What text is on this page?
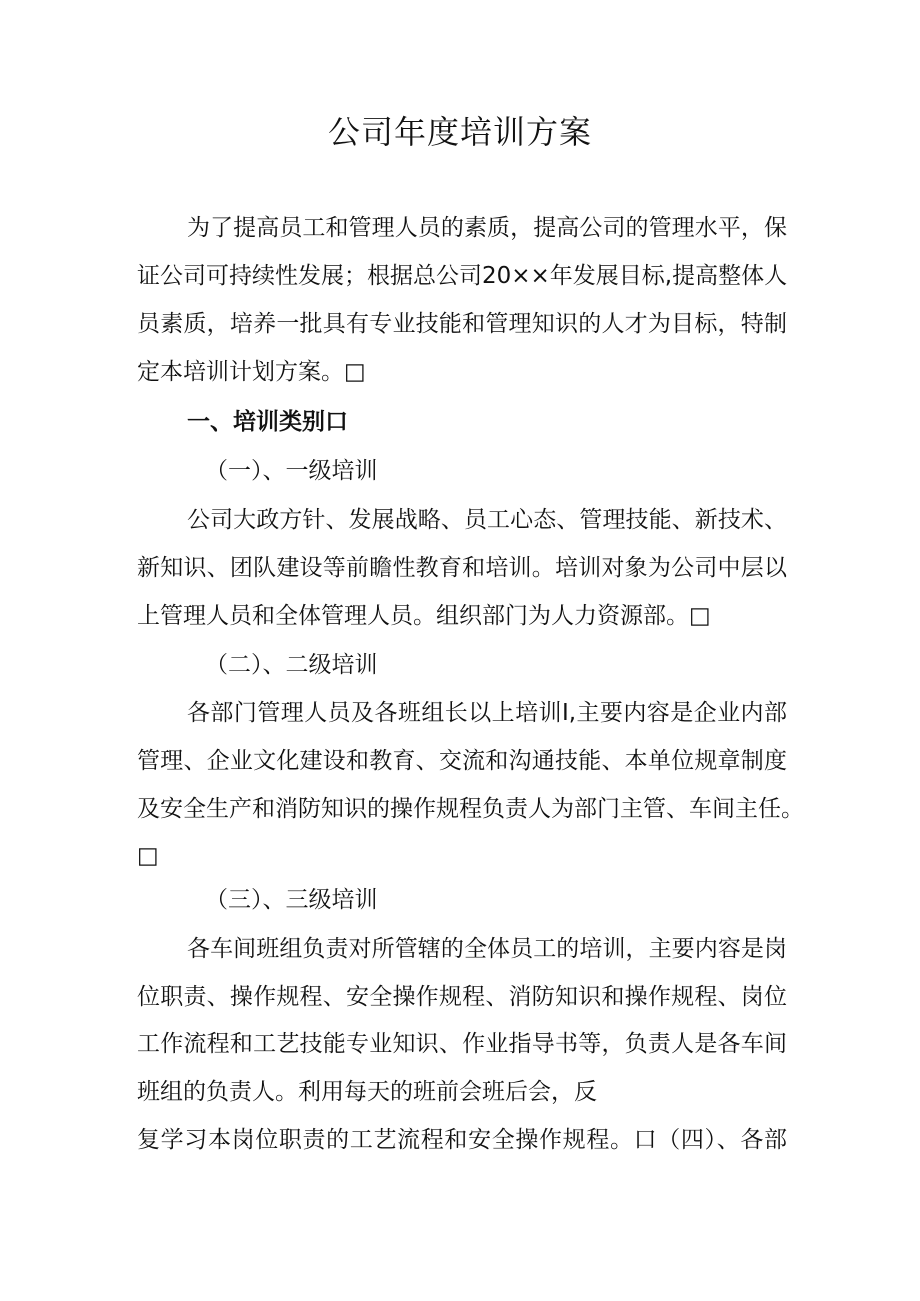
公司年度培训方案

为了提高员工和管理人员的素质，提高公司的管理水平，保

证公司可持续性发展；根据总公司20××年发展目标,提高整体人

员素质，培养一批具有专业技能和管理知识的人才为目标，特制

定本培训计划方案。□

一、培训类别口

（一）、一级培训

公司大政方针、发展战略、员工心态、管理技能、新技术、

新知识、团队建设等前瞻性教育和培训。培训对象为公司中层以

上管理人员和全体管理人员。组织部门为人力资源部。□

（二）、二级培训

各部门管理人员及各班组长以上培训I,主要内容是企业内部

管理、企业文化建设和教育、交流和沟通技能、本单位规章制度

及安全生产和消防知识的操作规程负责人为部门主管、车间主任。

□

（三）、三级培训

各车间班组负责对所管辖的全体员工的培训，主要内容是岗

位职责、操作规程、安全操作规程、消防知识和操作规程、岗位

工作流程和工艺技能专业知识、作业指导书等，负责人是各车间

班组的负责人。利用每天的班前会班后会，反

复学习本岗位职责的工艺流程和安全操作规程。口（四）、各部
